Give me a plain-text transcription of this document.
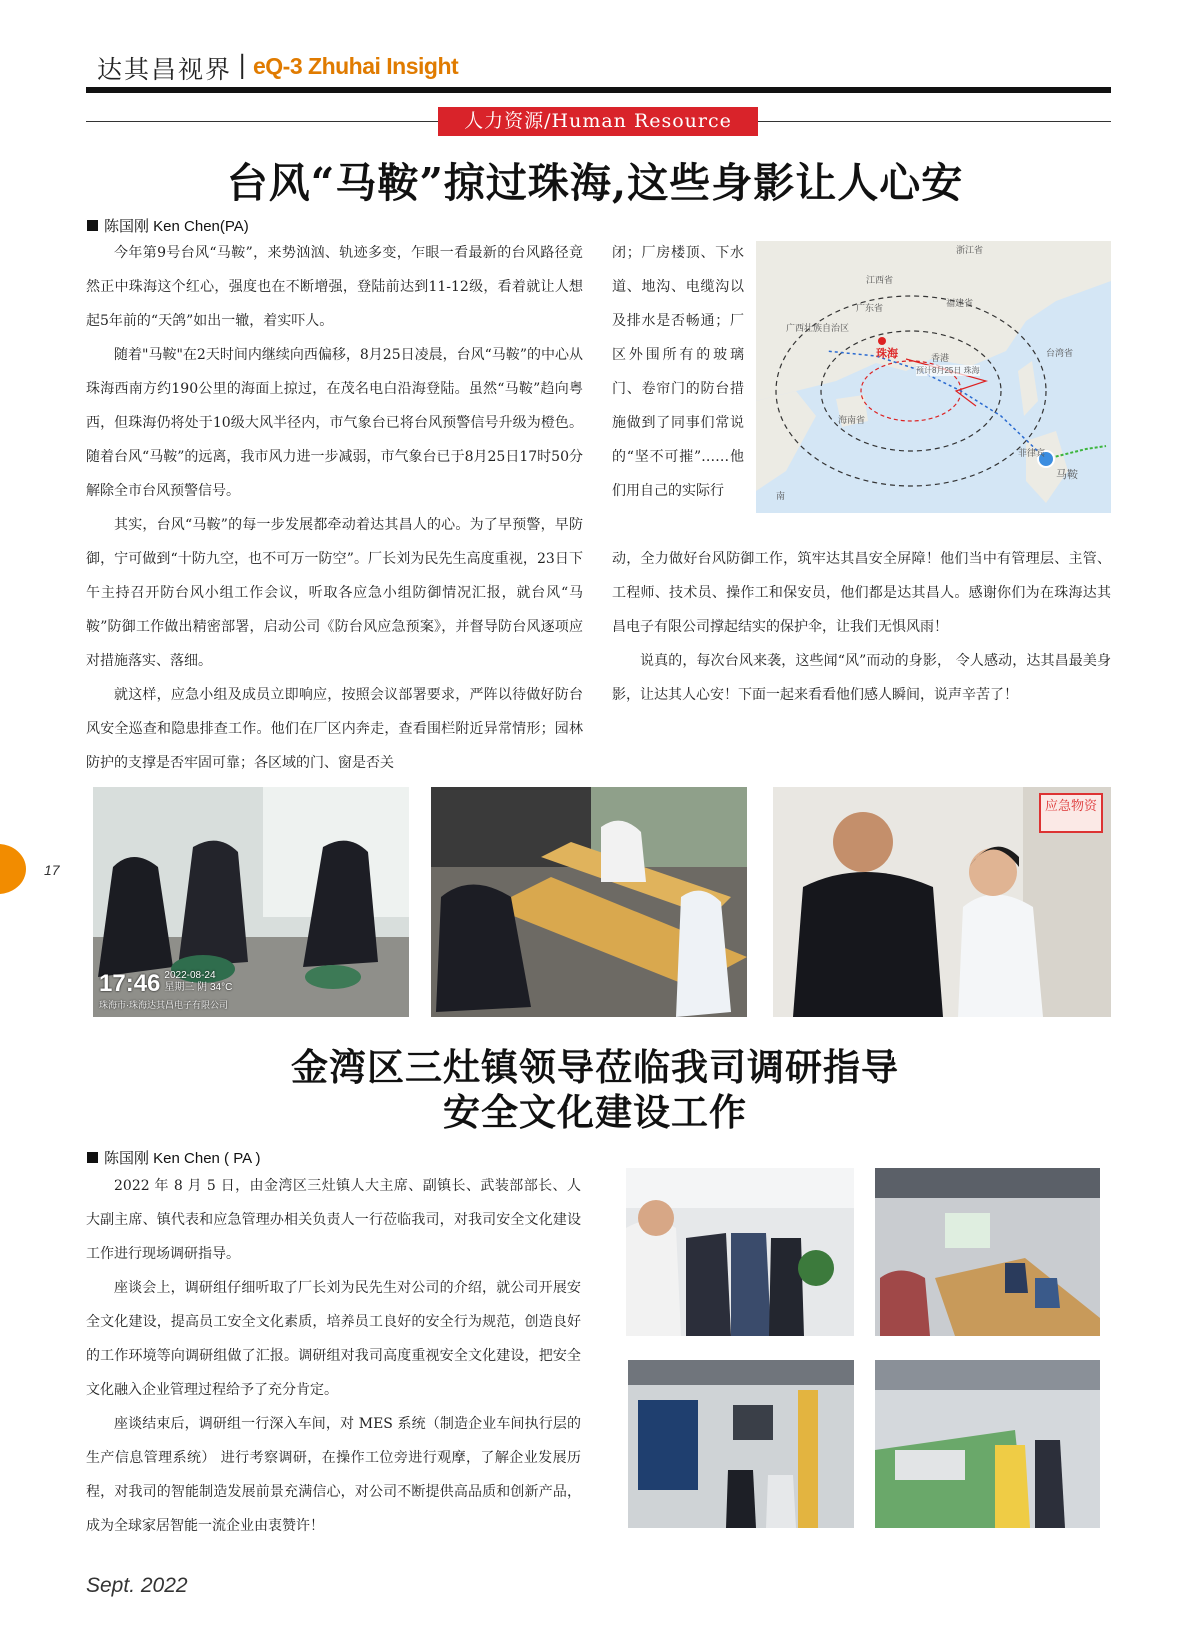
达其昌视界 | eQ-3 Zhuhai Insight
人力资源/Human Resource
台风“马鞍”掠过珠海,这些身影让人心安
陈国刚 Ken Chen(PA)

今年第9号台风“马鞍”，来势汹汹、轨迹多变，乍眼一看最新的台风路径竟然正中珠海这个红心，强度也在不断增强，登陆前达到11-12级，看着就让人想起5年前的“天鸽”如出一辙，着实吓人。

随着"马鞍"在2天时间内继续向西偏移，8月25日凌晨，台风“马鞍”的中心从珠海西南方约190公里的海面上掠过，在茂名电白沿海登陆。虽然“马鞍”趋向粤西，但珠海仍将处于10级大风半径内，市气象台已将台风预警信号升级为橙色。随着台风“马鞍”的远离，我市风力进一步减弱，市气象台已于8月25日17时50分解除全市台风预警信号。

其实，台风“马鞍”的每一步发展都牵动着达其昌人的心。为了早预警，早防御，宁可做到“十防九空，也不可万一防空”。厂长刘为民先生高度重视，23日下午主持召开防台风小组工作会议，听取各应急小组防御情况汇报，就台风“马鞍”防御工作做出精密部署，启动公司《防台风应急预案》，并督导防台风逐项应对措施落实、落细。

就这样，应急小组及成员立即响应，按照会议部署要求，严阵以待做好防台风安全巡查和隐患排查工作。他们在厂区内奔走，查看围栏附近异常情形；园林防护的支撑是否牢固可靠；各区域的门、窗是否关

闭；厂房楼顶、下水道、地沟、电缆沟以及排水是否畅通；厂区外围所有的玻璃门、卷帘门的防台措施做到了同事们常说的“坚不可摧”……他们用自己的实际行

动，全力做好台风防御工作，筑牢达其昌安全屏障！他们当中有管理层、主管、工程师、技术员、操作工和保安员，他们都是达其昌人。感谢你们为在珠海达其昌电子有限公司撑起结实的保护伞，让我们无惧风雨！

说真的，每次台风来袭，这些闻“风”而动的身影， 令人感动，达其昌最美身影，让达其人心安！下面一起来看看他们感人瞬间，说声辛苦了！

江西省
浙江省
福建省
广东省
广西壮族自治区
台湾省
珠海	香港
海南省
菲律宾
马鞍
南
预计8月25日 珠海
17:46 2022-08-24
星期三 阴 34°C
珠海市·珠海达其昌电子有限公司
应急物资
17
金湾区三灶镇领导莅临我司调研指导
安全文化建设工作
陈国刚 Ken Chen ( PA )

2022 年 8 月 5 日，由金湾区三灶镇人大主席、副镇长、武装部部长、人大副主席、镇代表和应急管理办相关负责人一行莅临我司，对我司安全文化建设工作进行现场调研指导。

座谈会上，调研组仔细听取了厂长刘为民先生对公司的介绍，就公司开展安全文化建设，提高员工安全文化素质，培养员工良好的安全行为规范，创造良好的工作环境等向调研组做了汇报。调研组对我司高度重视安全文化建设，把安全文化融入企业管理过程给予了充分肯定。

座谈结束后，调研组一行深入车间，对 MES 系统（制造企业车间执行层的生产信息管理系统） 进行考察调研，在操作工位旁进行观摩，了解企业发展历程，对我司的智能制造发展前景充满信心，对公司不断提供高品质和创新产品，成为全球家居智能一流企业由衷赞许！

Sept. 2022
